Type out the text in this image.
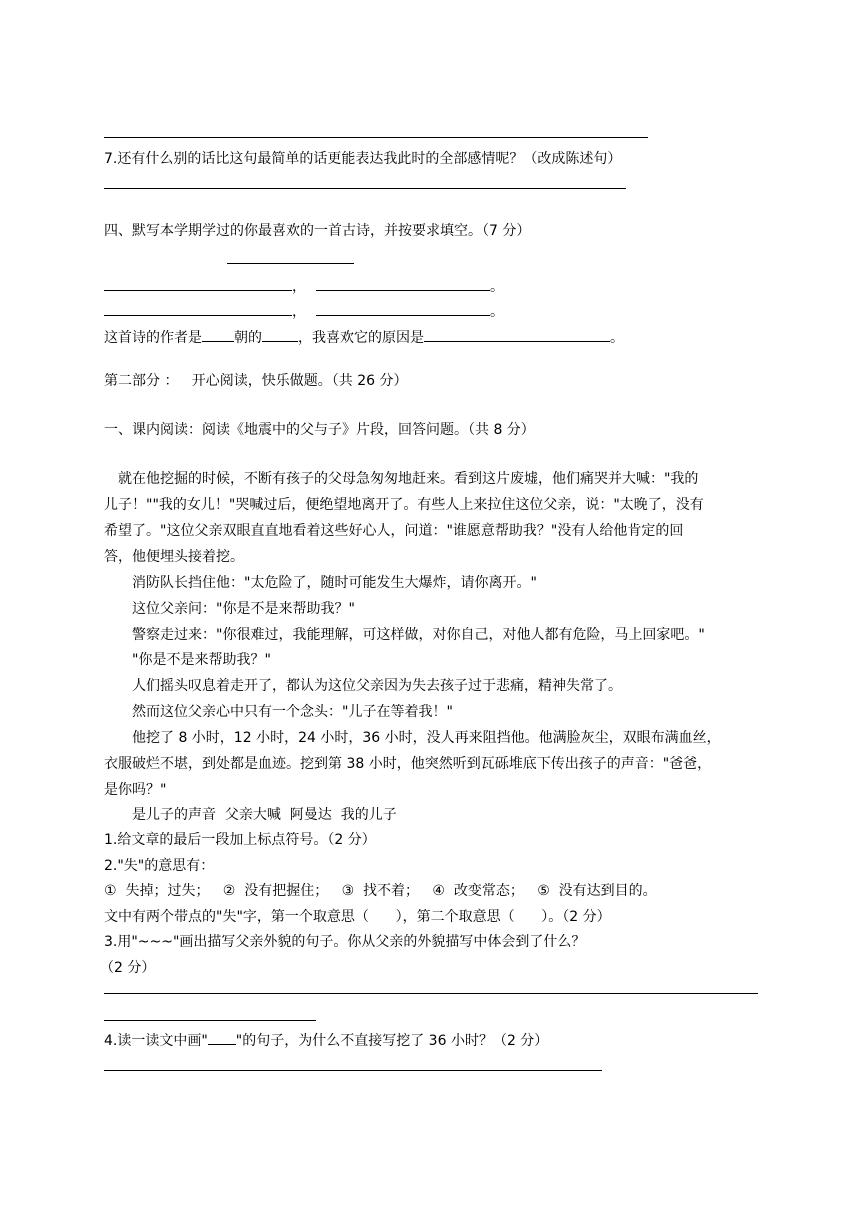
7.还有什么别的话比这句最简单的话更能表达我此时的全部感情呢？（改成陈述句）
四、默写本学期学过的你最喜欢的一首古诗，并按要求填空。（7 分）
，	。
，	。
这首诗的作者是 朝的	，我喜欢它的原因是	。
第二部分 ：   开心阅读，快乐做题。（共 26 分）
一、课内阅读：阅读《地震中的父与子》片段，回答问题。（共 8 分）
就在他挖掘的时候，不断有孩子的父母急匆匆地赶来。看到这片废墟，他们痛哭并大喊："我的
儿子！""我的女儿！"哭喊过后，便绝望地离开了。有些人上来拉住这位父亲，说："太晚了，没有
希望了。"这位父亲双眼直直地看着这些好心人，问道："谁愿意帮助我？"没有人给他肯定的回
答，他便埋头接着挖。
消防队长挡住他："太危险了，随时可能发生大爆炸，请你离开。"
这位父亲问："你是不是来帮助我？"
警察走过来："你很难过，我能理解，可这样做，对你自己，对他人都有危险，马上回家吧。"
"你是不是来帮助我？"
人们摇头叹息着走开了，都认为这位父亲因为失去孩子过于悲痛，精神失常了。
然而这位父亲心中只有一个念头："儿子在等着我！"
他挖了 8 小时，12 小时，24 小时，36 小时，没人再来阻挡他。他满脸灰尘，双眼布满血丝，
衣服破烂不堪，到处都是血迹。挖到第 38 小时，他突然听到瓦砾堆底下传出孩子的声音："爸爸，
是你吗？"
是儿子的声音  父亲大喊  阿曼达  我的儿子
1.给文章的最后一段加上标点符号。（2 分）
2."失"的意思有：
①  失掉；过失；   ②  没有把握住；   ③  找不着；   ④  改变常态；   ⑤  没有达到目的。
文中有两个带点的"失"字，第一个取意思（      ），第二个取意思（      ）。（2 分）
3.用"~~~"画出描写父亲外貌的句子。你从父亲的外貌描写中体会到了什么？
（2 分）
4.读一读文中画" "的句子，为什么不直接写挖了 36 小时？（2 分）
